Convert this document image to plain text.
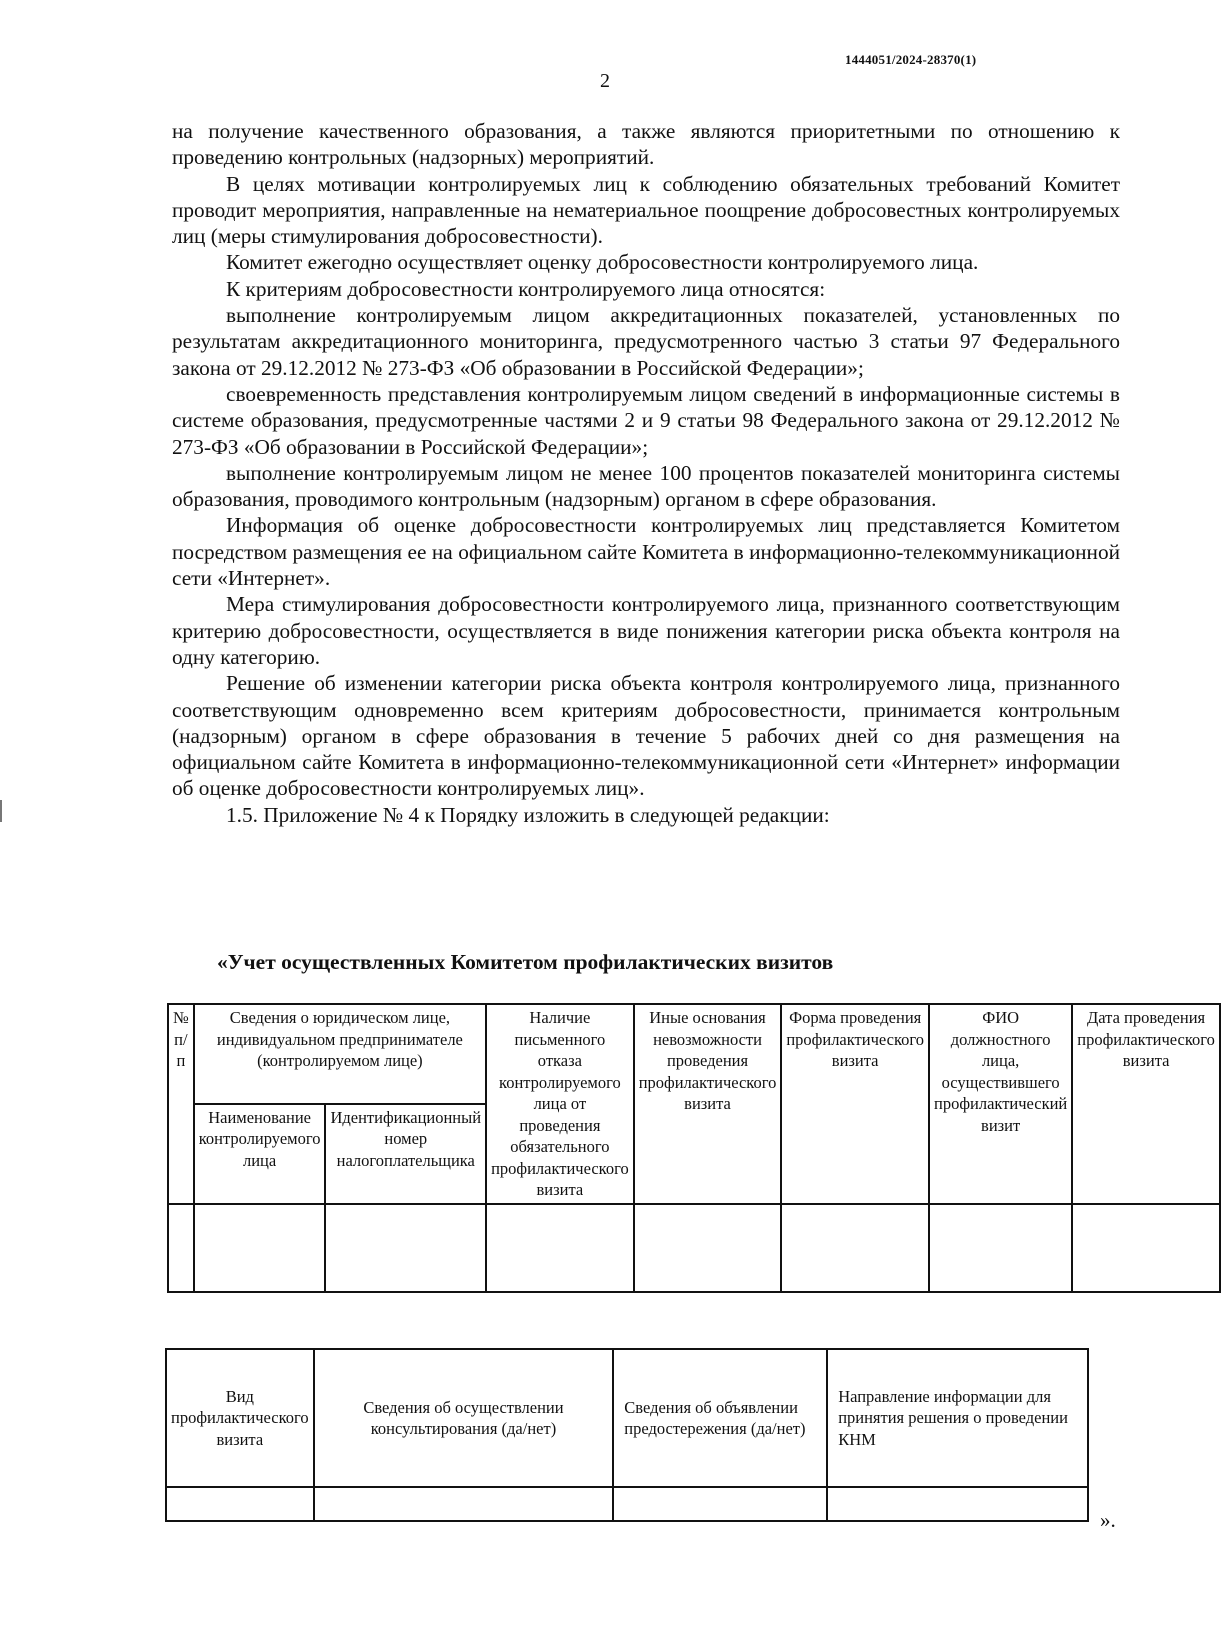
1444051/2024-28370(1)
2

на получение качественного образования, а также являются приоритетными по отношению к проведению контрольных (надзорных) мероприятий.

В целях мотивации контролируемых лиц к соблюдению обязательных требований Комитет проводит мероприятия, направленные на нематериальное поощрение добросовестных контролируемых лиц (меры стимулирования добросовестности).

Комитет ежегодно осуществляет оценку добросовестности контролируемого лица.

К критериям добросовестности контролируемого лица относятся:

выполнение контролируемым лицом аккредитационных показателей, установленных по результатам аккредитационного мониторинга, предусмотренного частью 3 статьи 97 Федерального закона от 29.12.2012 № 273-ФЗ «Об образовании в Российской Федерации»;

своевременность представления контролируемым лицом сведений в информационные системы в системе образования, предусмотренные частями 2 и 9 статьи 98 Федерального закона от 29.12.2012 № 273-ФЗ «Об образовании в Российской Федерации»;

выполнение контролируемым лицом не менее 100 процентов показателей мониторинга системы образования, проводимого контрольным (надзорным) органом в сфере образования.

Информация об оценке добросовестности контролируемых лиц представляется Комитетом посредством размещения ее на официальном сайте Комитета в информационно-телекоммуникационной сети «Интернет».

Мера стимулирования добросовестности контролируемого лица, признанного соответствующим критерию добросовестности, осуществляется в виде понижения категории риска объекта контроля на одну категорию.

Решение об изменении категории риска объекта контроля контролируемого лица, признанного соответствующим одновременно всем критериям добросовестности, принимается контрольным (надзорным) органом в сфере образования в течение 5 рабочих дней со дня размещения на официальном сайте Комитета в информационно-телекоммуникационной сети «Интернет» информации об оценке добросовестности контролируемых лиц».

1.5. Приложение № 4 к Порядку изложить в следующей редакции:

«Учет осуществленных Комитетом профилактических визитов
№ п/п	Сведения о юридическом лице, индивидуальном предпринимателе (контролируемом лице)		Наличие письменного отказа контролируемого лица от проведения обязательного профилактического визита	Иные основания невозможности проведения профилактического визита	Форма проведения профилактического визита	ФИО должностного лица, осуществившего профилактический визит	Дата проведения профилактического визита
	Наименование контролируемого лица	Идентификационный номер налогоплательщика					

Вид профилактического визита	Сведения об осуществлении консультирования (да/нет)	Сведения об объявлении предостережения (да/нет)	Направление информации для принятия решения о проведении КНМ

».
